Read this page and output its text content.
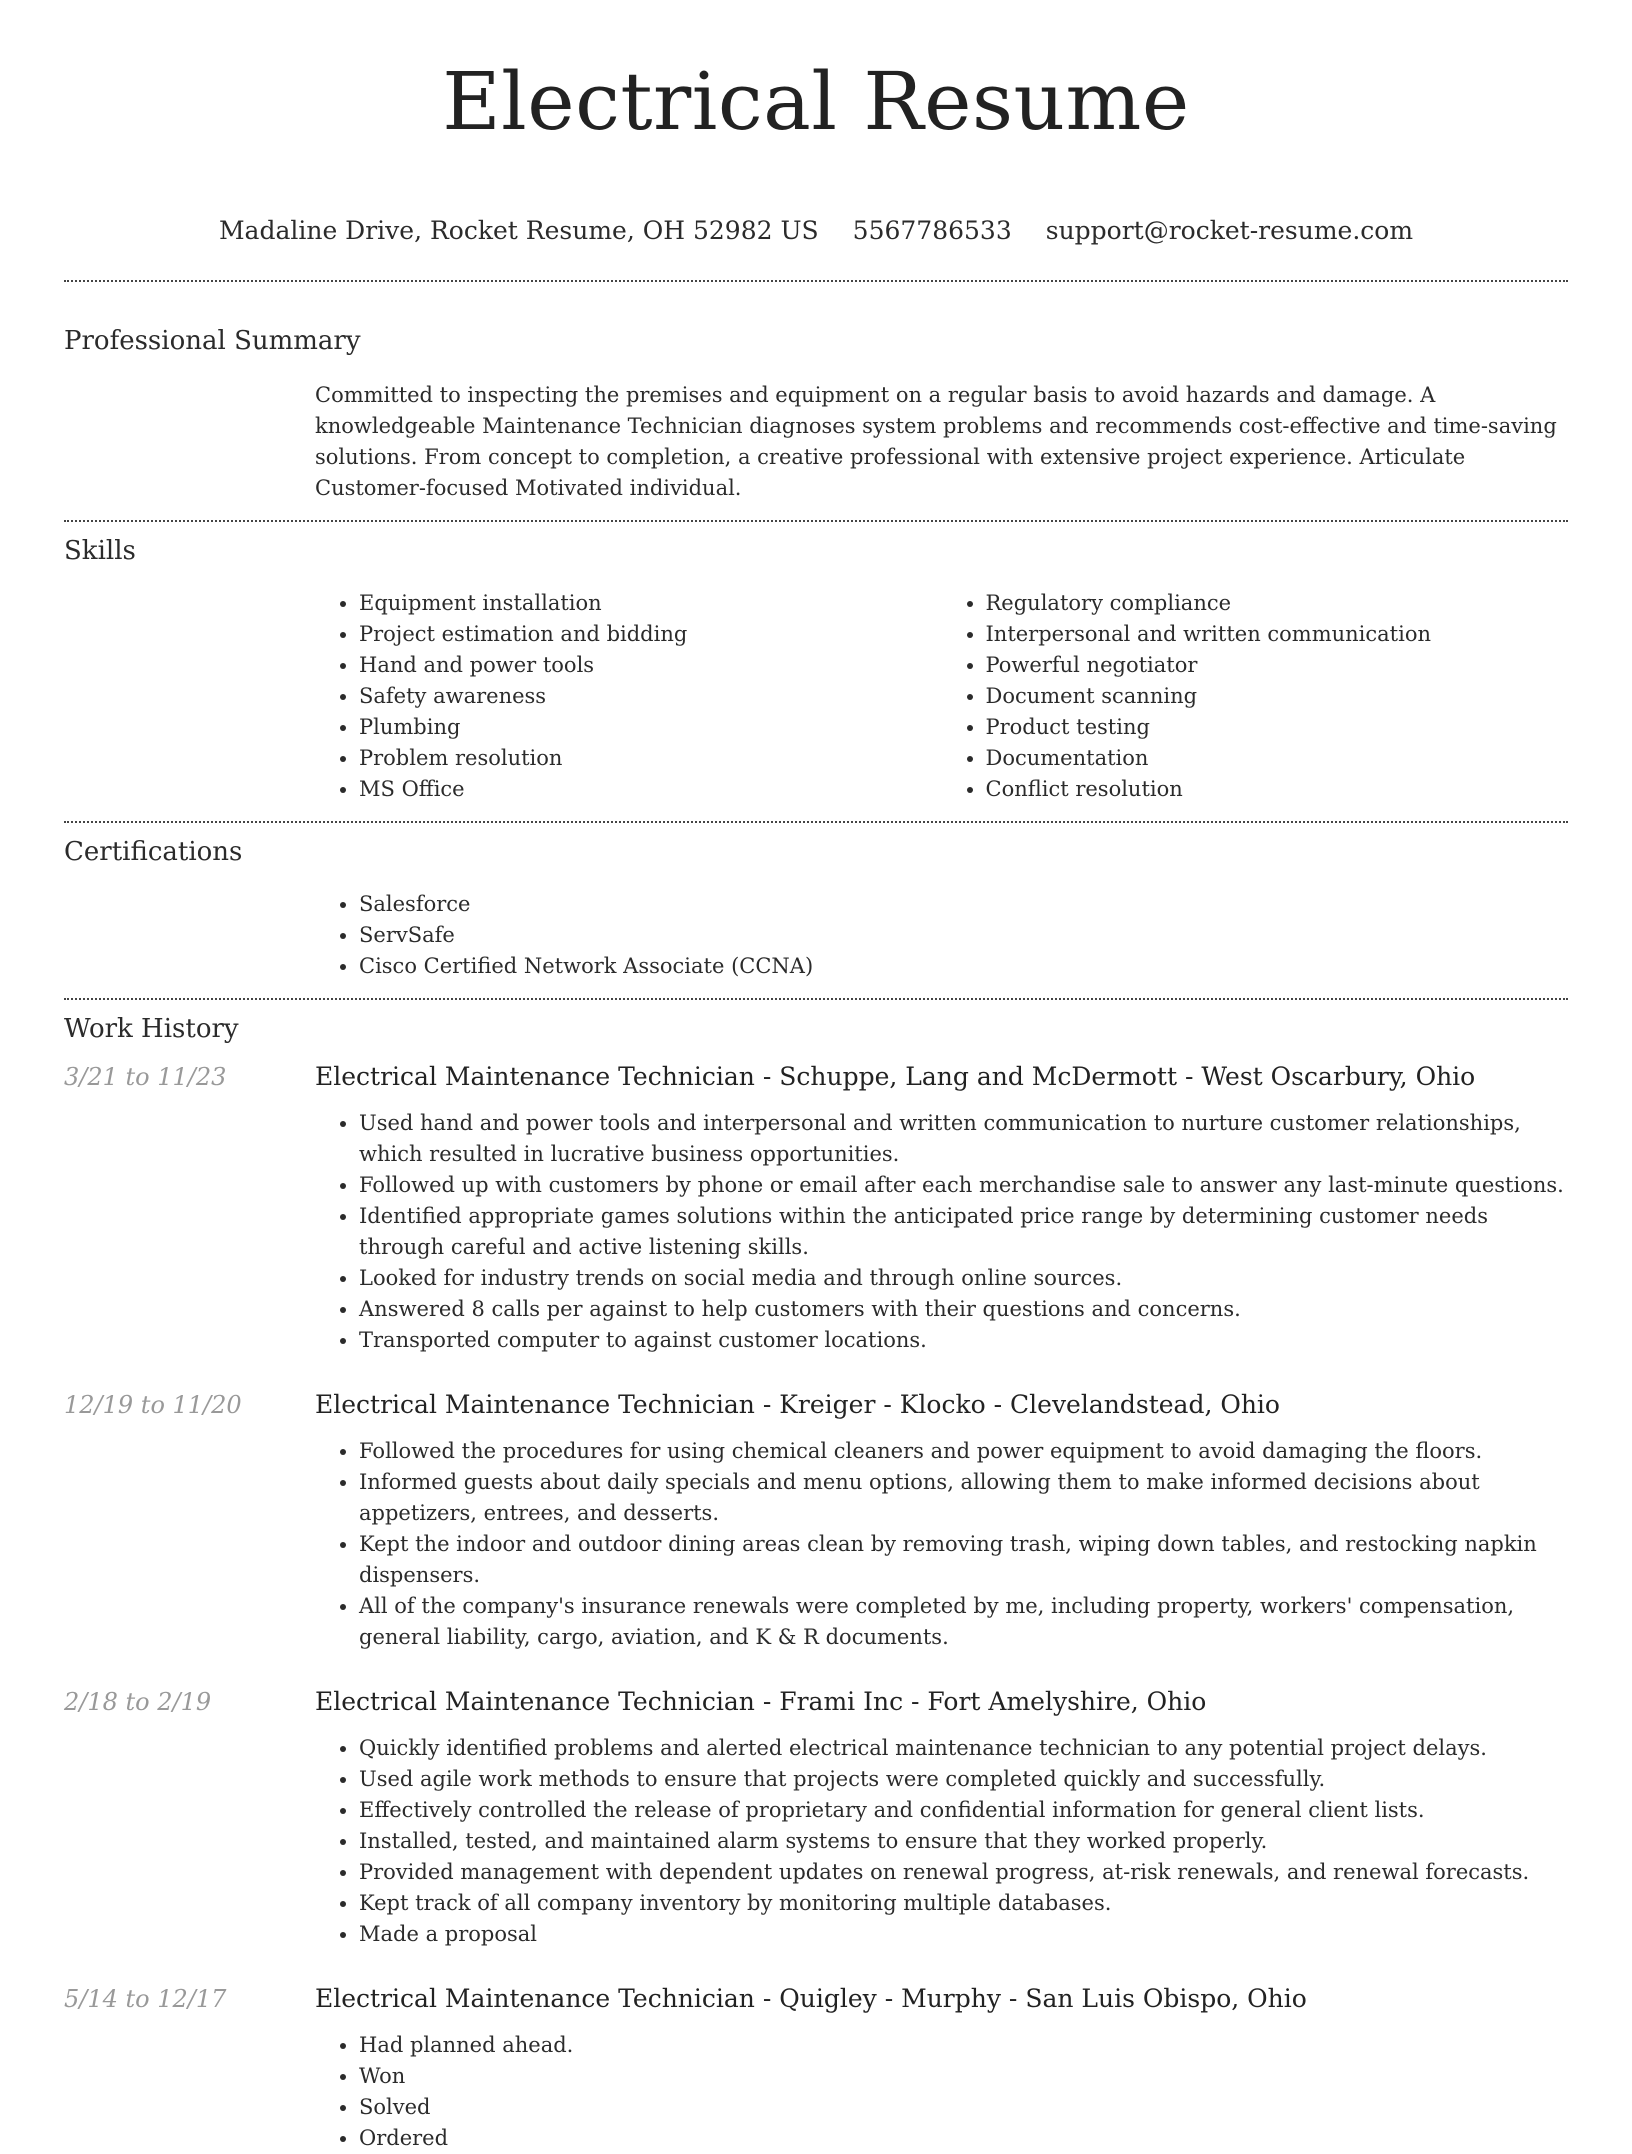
Electrical Resume
Madaline Drive, Rocket Resume, OH 52982 US 5567786533 support@rocket-resume.com
Professional Summary
Committed to inspecting the premises and equipment on a regular basis to avoid hazards and damage. A knowledgeable Maintenance Technician diagnoses system problems and recommends cost-effective and time-saving solutions. From concept to completion, a creative professional with extensive project experience. Articulate Customer-focused Motivated individual.
Skills
• Equipment installation
• Project estimation and bidding
• Hand and power tools
• Safety awareness
• Plumbing
• Problem resolution
• MS Office
• Regulatory compliance
• Interpersonal and written communication
• Powerful negotiator
• Document scanning
• Product testing
• Documentation
• Conflict resolution
Certifications
• Salesforce
• ServSafe
• Cisco Certified Network Associate (CCNA)
Work History
3/21 to 11/23	Electrical Maintenance Technician - Schuppe, Lang and McDermott - West Oscarbury, Ohio
• Used hand and power tools and interpersonal and written communication to nurture customer relationships, which resulted in lucrative business opportunities.
• Followed up with customers by phone or email after each merchandise sale to answer any last-minute questions.
• Identified appropriate games solutions within the anticipated price range by determining customer needs through careful and active listening skills.
• Looked for industry trends on social media and through online sources.
• Answered 8 calls per against to help customers with their questions and concerns.
• Transported computer to against customer locations.
12/19 to 11/20	Electrical Maintenance Technician - Kreiger - Klocko - Clevelandstead, Ohio
• Followed the procedures for using chemical cleaners and power equipment to avoid damaging the floors.
• Informed guests about daily specials and menu options, allowing them to make informed decisions about appetizers, entrees, and desserts.
• Kept the indoor and outdoor dining areas clean by removing trash, wiping down tables, and restocking napkin dispensers.
• All of the company's insurance renewals were completed by me, including property, workers' compensation, general liability, cargo, aviation, and K & R documents.
2/18 to 2/19	Electrical Maintenance Technician - Frami Inc - Fort Amelyshire, Ohio
• Quickly identified problems and alerted electrical maintenance technician to any potential project delays.
• Used agile work methods to ensure that projects were completed quickly and successfully.
• Effectively controlled the release of proprietary and confidential information for general client lists.
• Installed, tested, and maintained alarm systems to ensure that they worked properly.
• Provided management with dependent updates on renewal progress, at-risk renewals, and renewal forecasts.
• Kept track of all company inventory by monitoring multiple databases.
• Made a proposal
5/14 to 12/17	Electrical Maintenance Technician - Quigley - Murphy - San Luis Obispo, Ohio
• Had planned ahead.
• Won
• Solved
• Ordered
